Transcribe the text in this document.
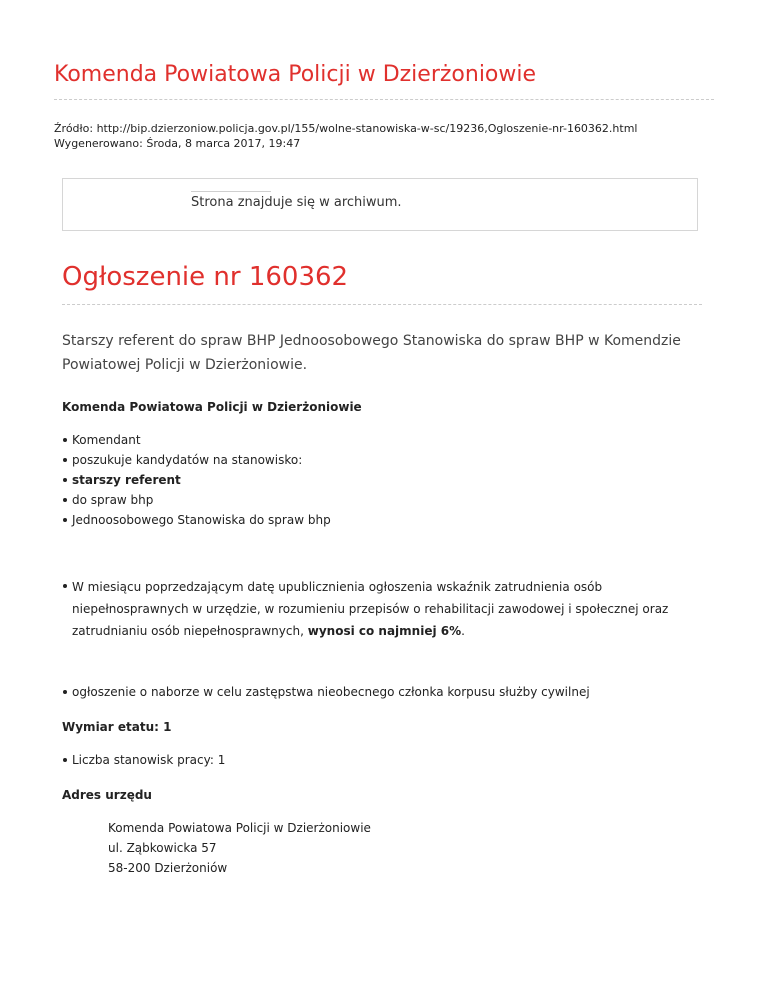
Komenda Powiatowa Policji w Dzierżoniowie
Źródło: http://bip.dzierzoniow.policja.gov.pl/155/wolne-stanowiska-w-sc/19236,Ogloszenie-nr-160362.html
Wygenerowano: Środa, 8 marca 2017, 19:47
Strona znajduje się w archiwum.
Ogłoszenie nr 160362
Starszy referent do spraw BHP Jednoosobowego Stanowiska do spraw BHP w Komendzie Powiatowej Policji w Dzierżoniowie.
Komenda Powiatowa Policji w Dzierżoniowie
Komendant
poszukuje kandydatów na stanowisko:
starszy referent
do spraw bhp
Jednoosobowego Stanowiska do spraw bhp
W miesiącu poprzedzającym datę upublicznienia ogłoszenia wskaźnik zatrudnienia osób niepełnosprawnych w urzędzie, w rozumieniu przepisów o rehabilitacji zawodowej i społecznej oraz zatrudnianiu osób niepełnosprawnych, wynosi co najmniej 6%.
ogłoszenie o naborze w celu zastępstwa nieobecnego członka korpusu służby cywilnej
Wymiar etatu: 1
Liczba stanowisk pracy: 1
Adres urzędu
Komenda Powiatowa Policji w Dzierżoniowie
ul. Ząbkowicka 57
58-200 Dzierżoniów
